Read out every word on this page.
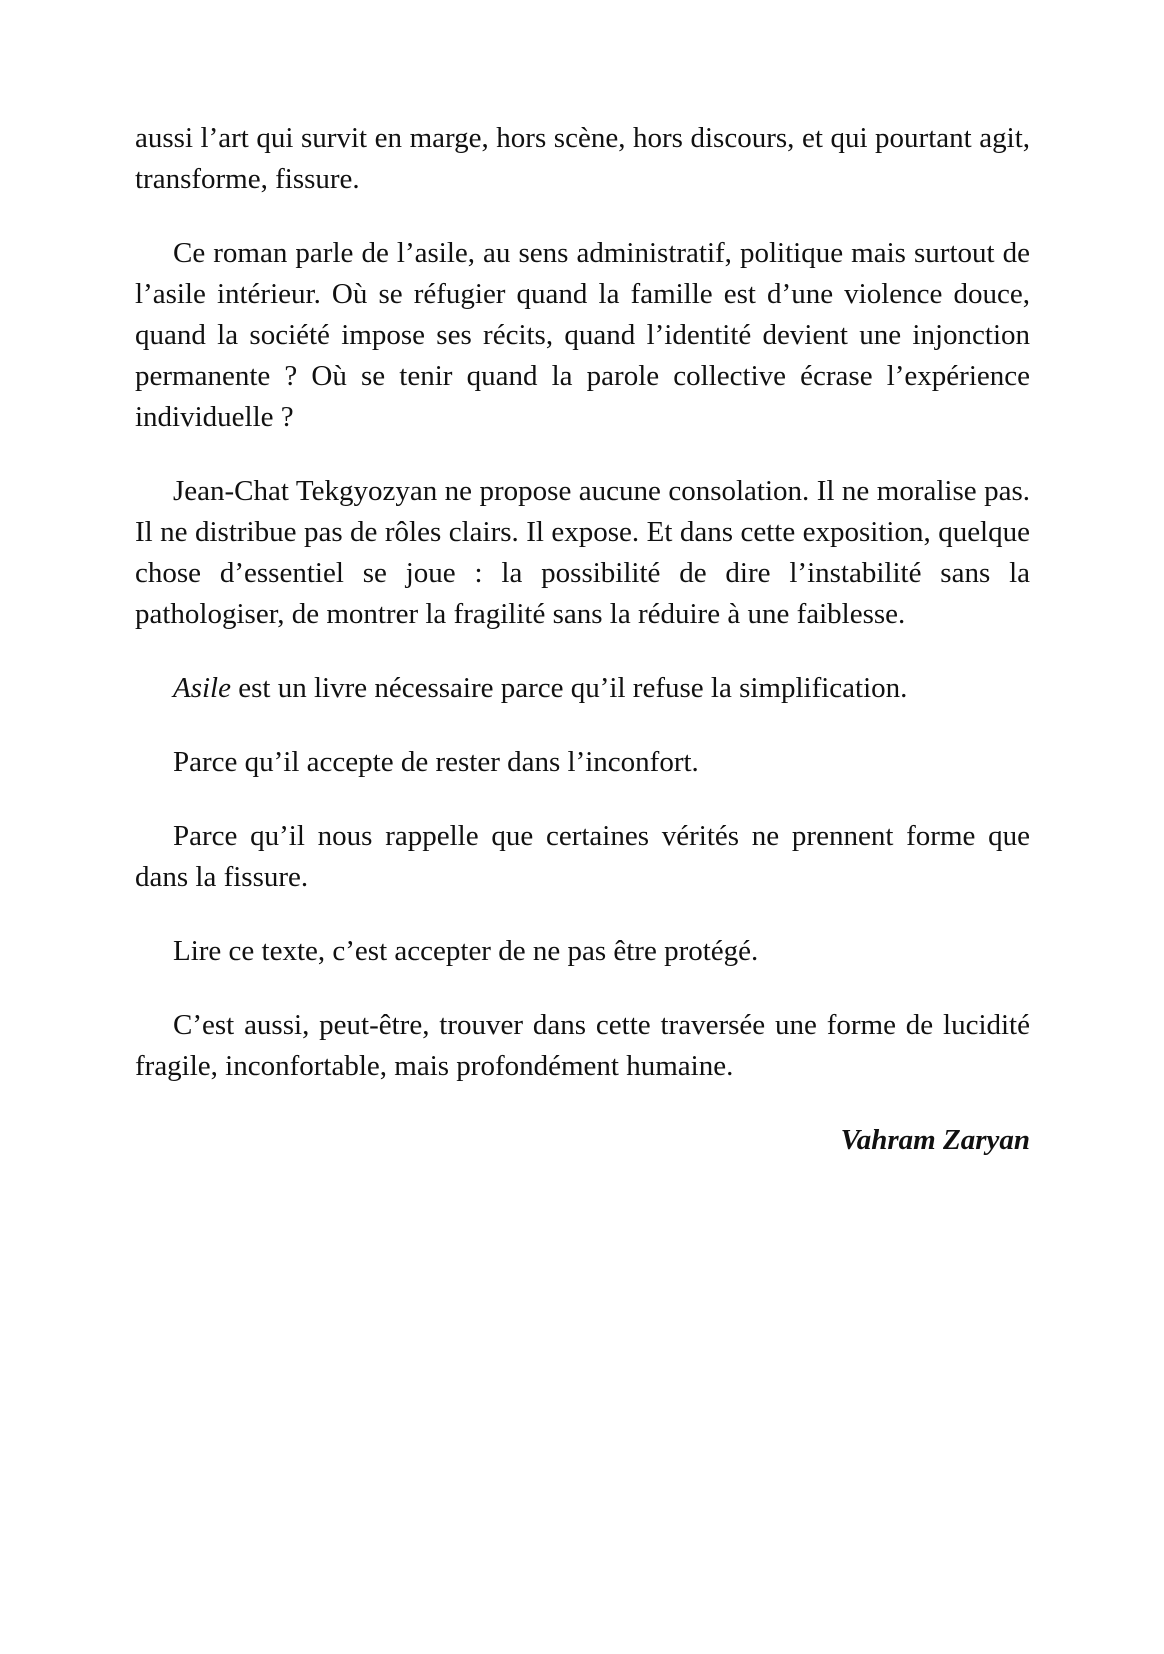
aussi l’art qui survit en marge, hors scène, hors discours, et qui pourtant agit, transforme, fissure.

Ce roman parle de l’asile, au sens administratif, politique mais surtout de l’asile intérieur. Où se réfugier quand la famille est d’une violence douce, quand la société impose ses récits, quand l’identité devient une injonction permanente ? Où se tenir quand la parole collective écrase l’expérience individuelle ?

Jean-Chat Tekgyozyan ne propose aucune consolation. Il ne moralise pas. Il ne distribue pas de rôles clairs. Il expose. Et dans cette exposition, quelque chose d’essentiel se joue : la possibilité de dire l’instabilité sans la pathologiser, de montrer la fragilité sans la réduire à une faiblesse.

Asile est un livre nécessaire parce qu’il refuse la simplification.

Parce qu’il accepte de rester dans l’inconfort.

Parce qu’il nous rappelle que certaines vérités ne prennent forme que dans la fissure.

Lire ce texte, c’est accepter de ne pas être protégé.

C’est aussi, peut-être, trouver dans cette traversée une forme de lucidité fragile, inconfortable, mais profondément humaine.

Vahram Zaryan
